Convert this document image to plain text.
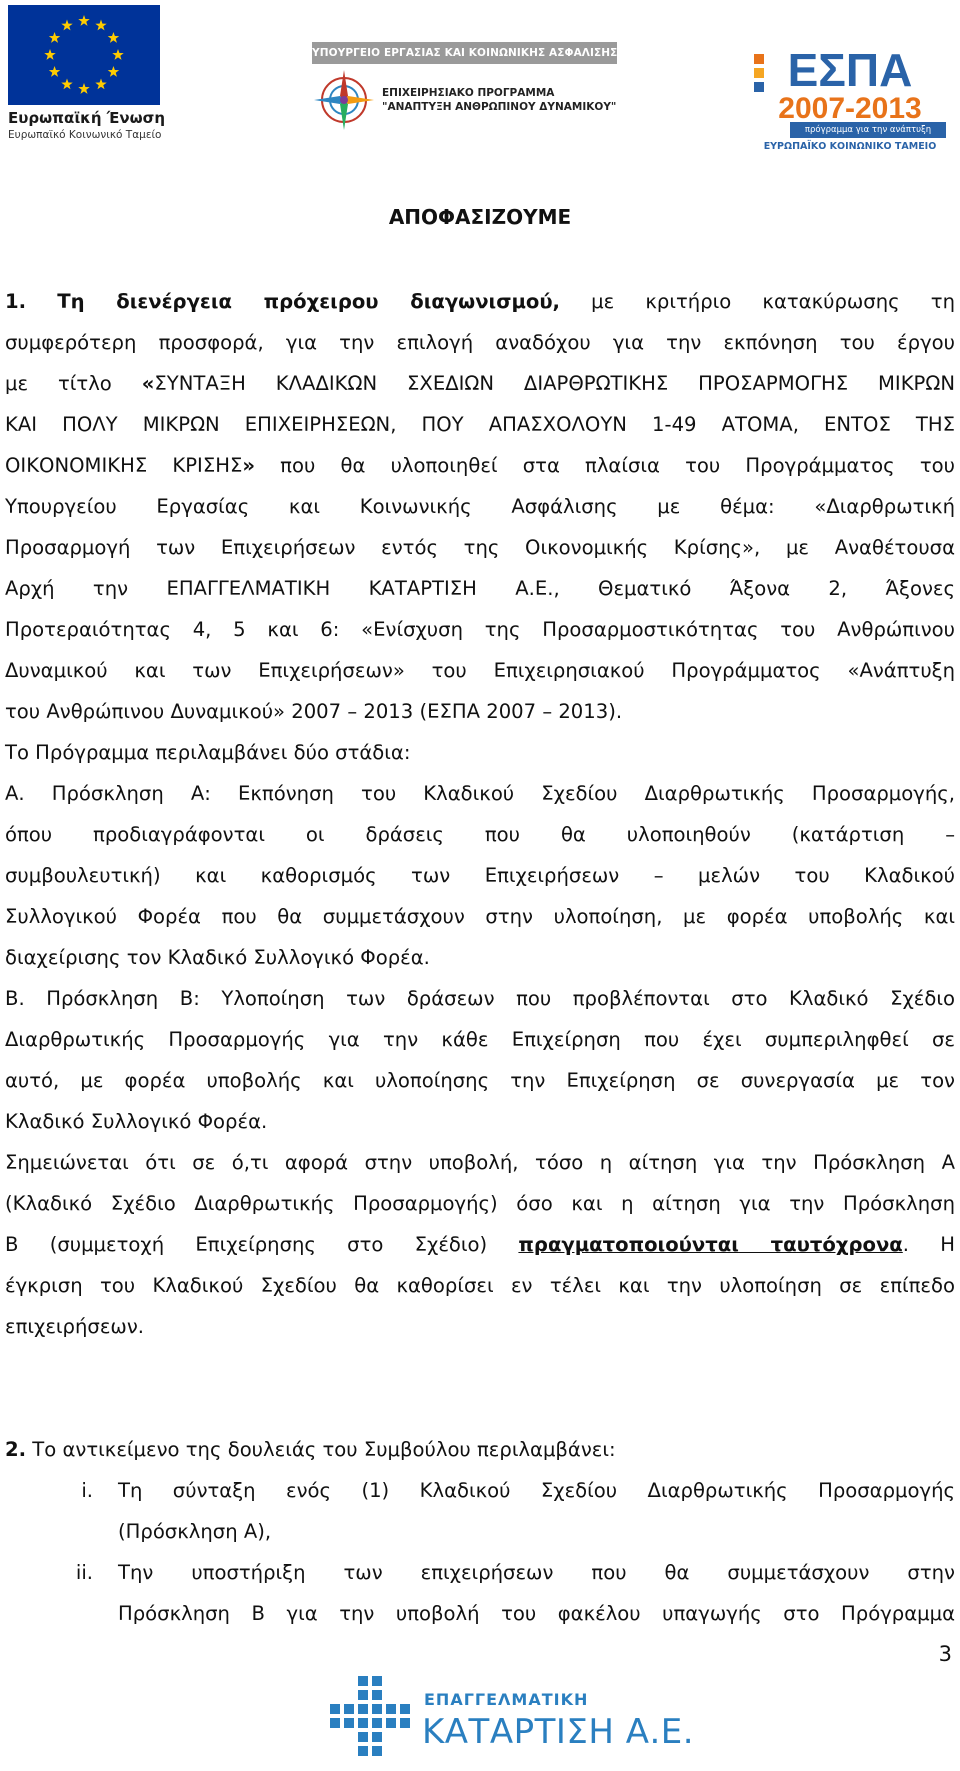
Ευρωπαϊκή Ένωση
Ευρωπαϊκό Κοινωνικό Ταμείο
ΥΠΟΥΡΓΕΙΟ ΕΡΓΑΣΙΑΣ ΚΑΙ ΚΟΙΝΩΝΙΚΗΣ ΑΣΦΑΛΙΣΗΣ
ΕΠΙΧΕΙΡΗΣΙΑΚΟ ΠΡΟΓΡΑΜΜΑ
"ΑΝΑΠΤΥΞΗ ΑΝΘΡΩΠΙΝΟΥ ΔΥΝΑΜΙΚΟΥ"
ΕΣΠΑ
2007-2013
πρόγραμμα για την ανάπτυξη
ΕΥΡΩΠΑΪΚΟ ΚΟΙΝΩΝΙΚΟ ΤΑΜΕΙΟ
ΑΠΟΦΑΣΙΖΟΥΜΕ
1. Τη διενέργεια πρόχειρου διαγωνισμού, με κριτήριο κατακύρωσης τη
συμφερότερη προσφορά, για την επιλογή αναδόχου για την εκπόνηση του έργου
με τίτλο «ΣΥΝΤΑΞΗ ΚΛΑΔΙΚΩΝ ΣΧΕΔΙΩΝ ΔΙΑΡΘΡΩΤΙΚΗΣ ΠΡΟΣΑΡΜΟΓΗΣ ΜΙΚΡΩΝ
ΚΑΙ ΠΟΛΥ ΜΙΚΡΩΝ ΕΠΙΧΕΙΡΗΣΕΩΝ, ΠΟΥ ΑΠΑΣΧΟΛΟΥΝ 1-49 ΑΤΟΜΑ, ΕΝΤΟΣ ΤΗΣ
ΟΙΚΟΝΟΜΙΚΗΣ ΚΡΙΣΗΣ» που θα υλοποιηθεί στα πλαίσια του Προγράμματος του
Υπουργείου Εργασίας και Κοινωνικής Ασφάλισης με θέμα: «Διαρθρωτική
Προσαρμογή των Επιχειρήσεων εντός της Οικονομικής Κρίσης», με Αναθέτουσα
Αρχή την ΕΠΑΓΓΕΛΜΑΤΙΚΗ ΚΑΤΑΡΤΙΣΗ Α.Ε., Θεματικό Άξονα 2, Άξονες
Προτεραιότητας 4, 5 και 6: «Ενίσχυση της Προσαρμοστικότητας του Ανθρώπινου
Δυναμικού και των Επιχειρήσεων» του Επιχειρησιακού Προγράμματος «Ανάπτυξη
του Ανθρώπινου Δυναμικού» 2007 – 2013 (ΕΣΠΑ 2007 – 2013).
Το Πρόγραμμα περιλαμβάνει δύο στάδια:
Α. Πρόσκληση Α: Εκπόνηση του Κλαδικού Σχεδίου Διαρθρωτικής Προσαρμογής,
όπου προδιαγράφονται οι δράσεις που θα υλοποιηθούν (κατάρτιση –
συμβουλευτική) και καθορισμός των Επιχειρήσεων – μελών του Κλαδικού
Συλλογικού Φορέα που θα συμμετάσχουν στην υλοποίηση, με φορέα υποβολής και
διαχείρισης τον Κλαδικό Συλλογικό Φορέα.
Β. Πρόσκληση Β: Υλοποίηση των δράσεων που προβλέπονται στο Κλαδικό Σχέδιο
Διαρθρωτικής Προσαρμογής για την κάθε Επιχείρηση που έχει συμπεριληφθεί σε
αυτό, με φορέα υποβολής και υλοποίησης την Επιχείρηση σε συνεργασία με τον
Κλαδικό Συλλογικό Φορέα.
Σημειώνεται ότι σε ό,τι αφορά στην υποβολή, τόσο η αίτηση για την Πρόσκληση Α
(Κλαδικό Σχέδιο Διαρθρωτικής Προσαρμογής) όσο και η αίτηση για την Πρόσκληση
Β (συμμετοχή Επιχείρησης στο Σχέδιο) πραγματοποιούνται ταυτόχρονα. Η
έγκριση του Κλαδικού Σχεδίου θα καθορίσει εν τέλει και την υλοποίηση σε επίπεδο
επιχειρήσεων.
2. Το αντικείμενο της δουλειάς του Συμβούλου περιλαμβάνει:
i. Τη σύνταξη ενός (1) Κλαδικού Σχεδίου Διαρθρωτικής Προσαρμογής
(Πρόσκληση Α),
ii. Την υποστήριξη των επιχειρήσεων που θα συμμετάσχουν στην
Πρόσκληση Β για την υποβολή του φακέλου υπαγωγής στο Πρόγραμμα
3
ΕΠΑΓΓΕΛΜΑΤΙΚΗ
ΚΑΤΑΡΤΙΣΗ Α.Ε.
